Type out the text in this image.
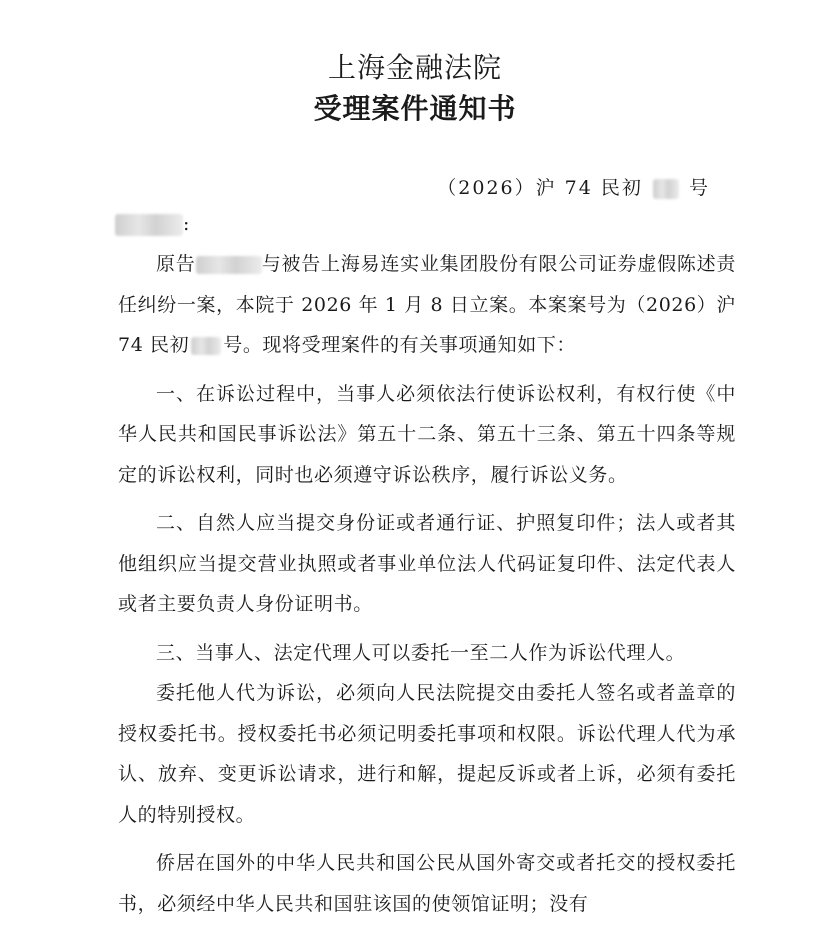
上海金融法院
受理案件通知书
（2026）沪 74 民初 号
:

原告	与被告上海易连实业集团股份有限公司证券虚假陈述责任纠纷一案，本院于 2026 年 1 月 8 日立案。本案案号为（2026）沪 74 民初 号。现将受理案件的有关事项通知如下：

一、在诉讼过程中，当事人必须依法行使诉讼权利，有权行使《中华人民共和国民事诉讼法》第五十二条、第五十三条、第五十四条等规定的诉讼权利，同时也必须遵守诉讼秩序，履行诉讼义务。

二、自然人应当提交身份证或者通行证、护照复印件；法人或者其他组织应当提交营业执照或者事业单位法人代码证复印件、法定代表人或者主要负责人身份证明书。

三、当事人、法定代理人可以委托一至二人作为诉讼代理人。

委托他人代为诉讼，必须向人民法院提交由委托人签名或者盖章的授权委托书。授权委托书必须记明委托事项和权限。诉讼代理人代为承认、放弃、变更诉讼请求，进行和解，提起反诉或者上诉，必须有委托人的特别授权。

侨居在国外的中华人民共和国公民从国外寄交或者托交的授权委托书，必须经中华人民共和国驻该国的使领馆证明；没有
